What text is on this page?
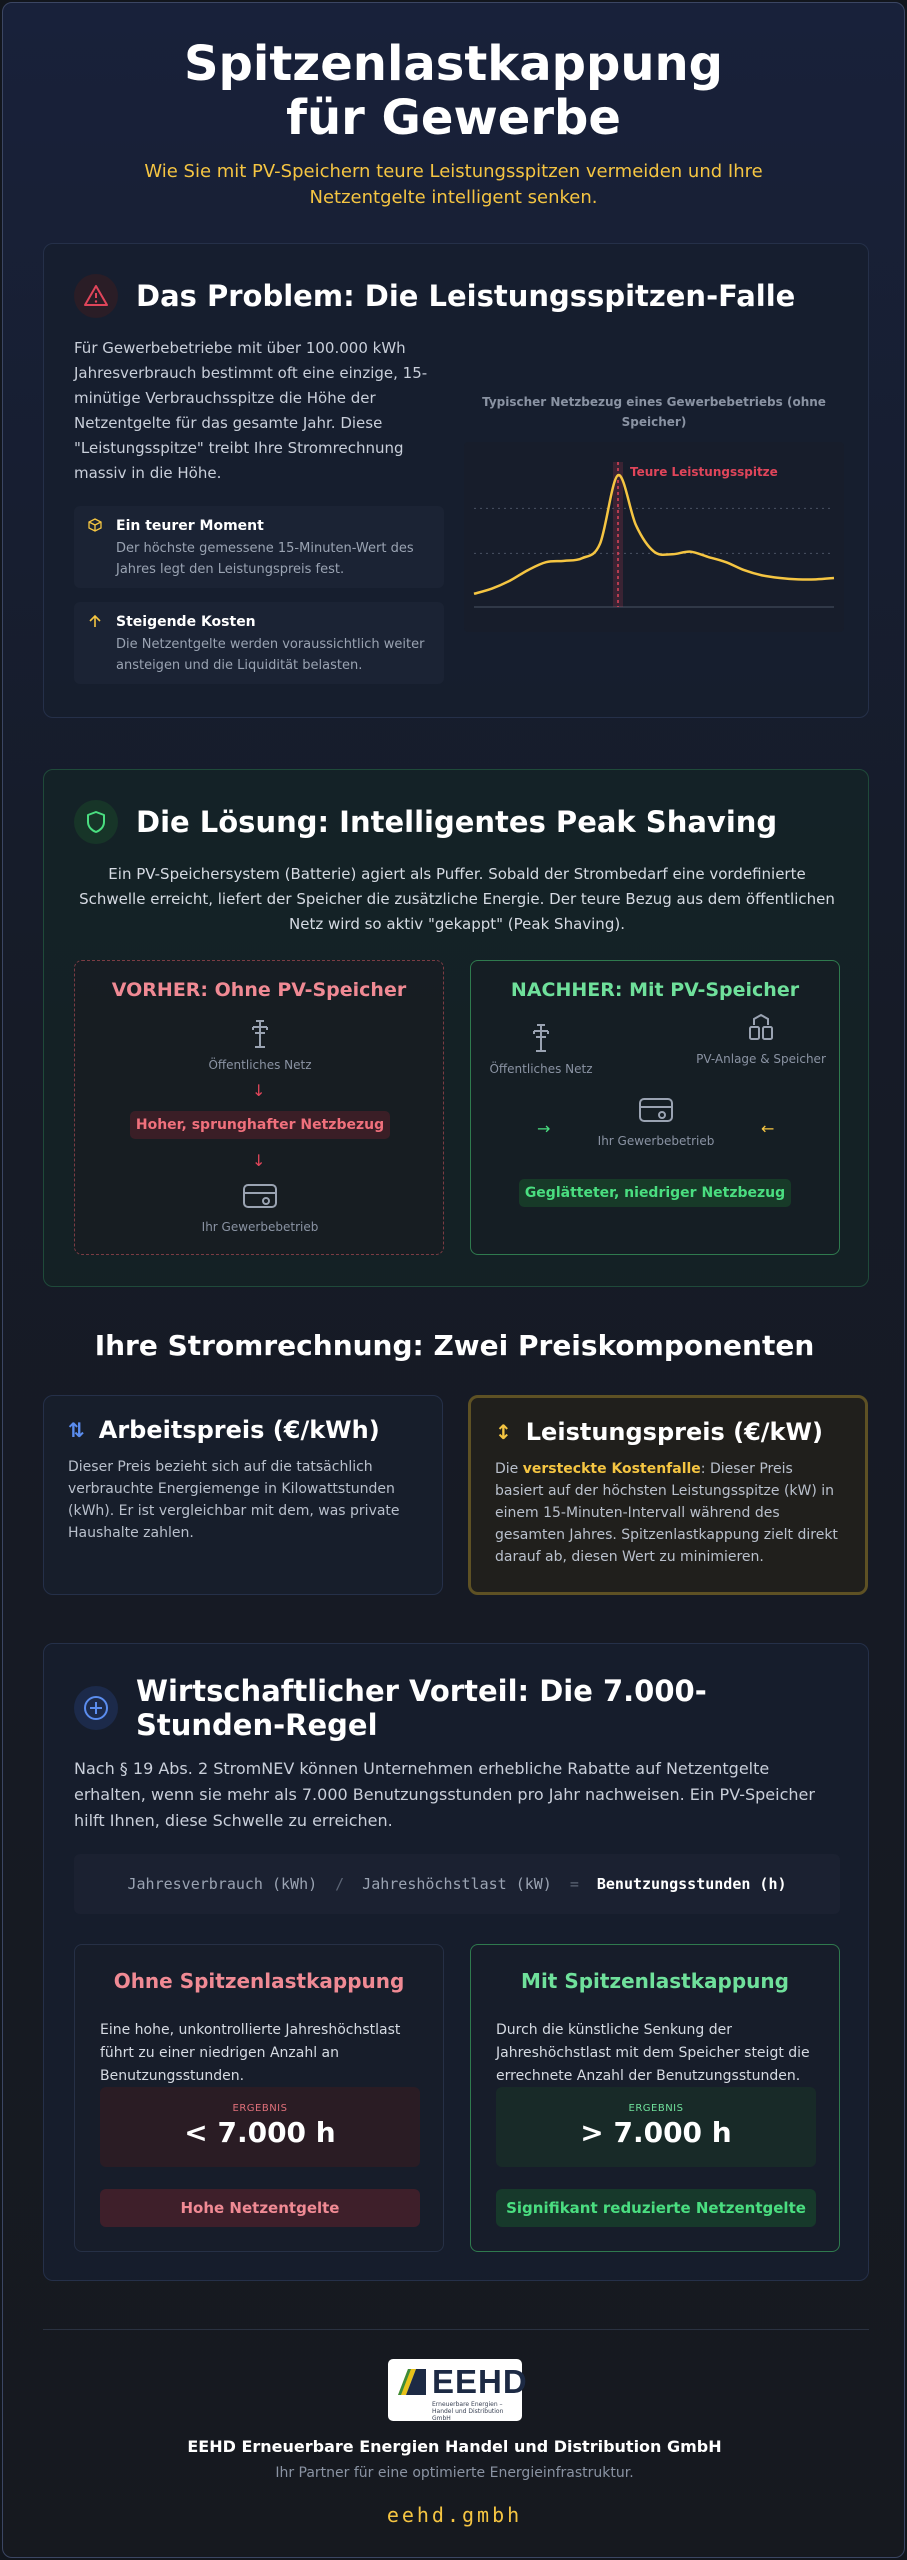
Spitzenlastkappung für Gewerbe

Wie Sie mit PV-Speichern teure Leistungsspitzen vermeiden und Ihre Netzentgelte intelligent senken.

Das Problem: Die Leistungsspitzen-Falle

Für Gewerbebetriebe mit über 100.000 kWh Jahresverbrauch bestimmt oft eine einzige, 15-minütige Verbrauchsspitze die Höhe der Netzentgelte für das gesamte Jahr. Diese "Leistungsspitze" treibt Ihre Stromrechnung massiv in die Höhe.

Ein teurer Moment
Der höchste gemessene 15-Minuten-Wert des Jahres legt den Leistungspreis fest.
Steigende Kosten
Die Netzentgelte werden voraussichtlich weiter ansteigen und die Liquidität belasten.
Typischer Netzbezug eines Gewerbebetriebs (ohne Speicher)
Teure Leistungsspitze
Die Lösung: Intelligentes Peak Shaving

Ein PV-Speichersystem (Batterie) agiert als Puffer. Sobald der Strombedarf eine vordefinierte Schwelle erreicht, liefert der Speicher die zusätzliche Energie. Der teure Bezug aus dem öffentlichen Netz wird so aktiv "gekappt" (Peak Shaving).

VORHER: Ohne PV-Speicher
Öffentliches Netz
↓
Hoher, sprunghafter Netzbezug
↓
Ihr Gewerbebetrieb
NACHHER: Mit PV-Speicher
Öffentliches Netz
PV-Anlage & Speicher
→	←
Ihr Gewerbebetrieb
Geglätteter, niedriger Netzbezug
Ihre Stromrechnung: Zwei Preiskomponenten
⇅ Arbeitspreis (€/kWh)

Dieser Preis bezieht sich auf die tatsächlich verbrauchte Energiemenge in Kilowattstunden (kWh). Er ist vergleichbar mit dem, was private Haushalte zahlen.

↕ Leistungspreis (€/kW)

Die versteckte Kostenfalle: Dieser Preis basiert auf der höchsten Leistungsspitze (kW) in einem 15-Minuten-Intervall während des gesamten Jahres. Spitzenlastkappung zielt direkt darauf ab, diesen Wert zu minimieren.

Wirtschaftlicher Vorteil: Die 7.000-Stunden-Regel

Nach § 19 Abs. 2 StromNEV können Unternehmen erhebliche Rabatte auf Netzentgelte erhalten, wenn sie mehr als 7.000 Benutzungsstunden pro Jahr nachweisen. Ein PV-Speicher hilft Ihnen, diese Schwelle zu erreichen.

Jahresverbrauch (kWh) / Jahreshöchstlast (kW) = Benutzungsstunden (h)
Ohne Spitzenlastkappung

Eine hohe, unkontrollierte Jahreshöchstlast führt zu einer niedrigen Anzahl an Benutzungsstunden.

ERGEBNIS
< 7.000 h
Hohe Netzentgelte
Mit Spitzenlastkappung

Durch die künstliche Senkung der Jahreshöchstlast mit dem Speicher steigt die errechnete Anzahl der Benutzungsstunden.

ERGEBNIS
> 7.000 h
Signifikant reduzierte Netzentgelte
EEHD
Erneuerbare Energien – Handel und Distribution GmbH
EEHD Erneuerbare Energien Handel und Distribution GmbH
Ihr Partner für eine optimierte Energieinfrastruktur.
eehd.gmbh
